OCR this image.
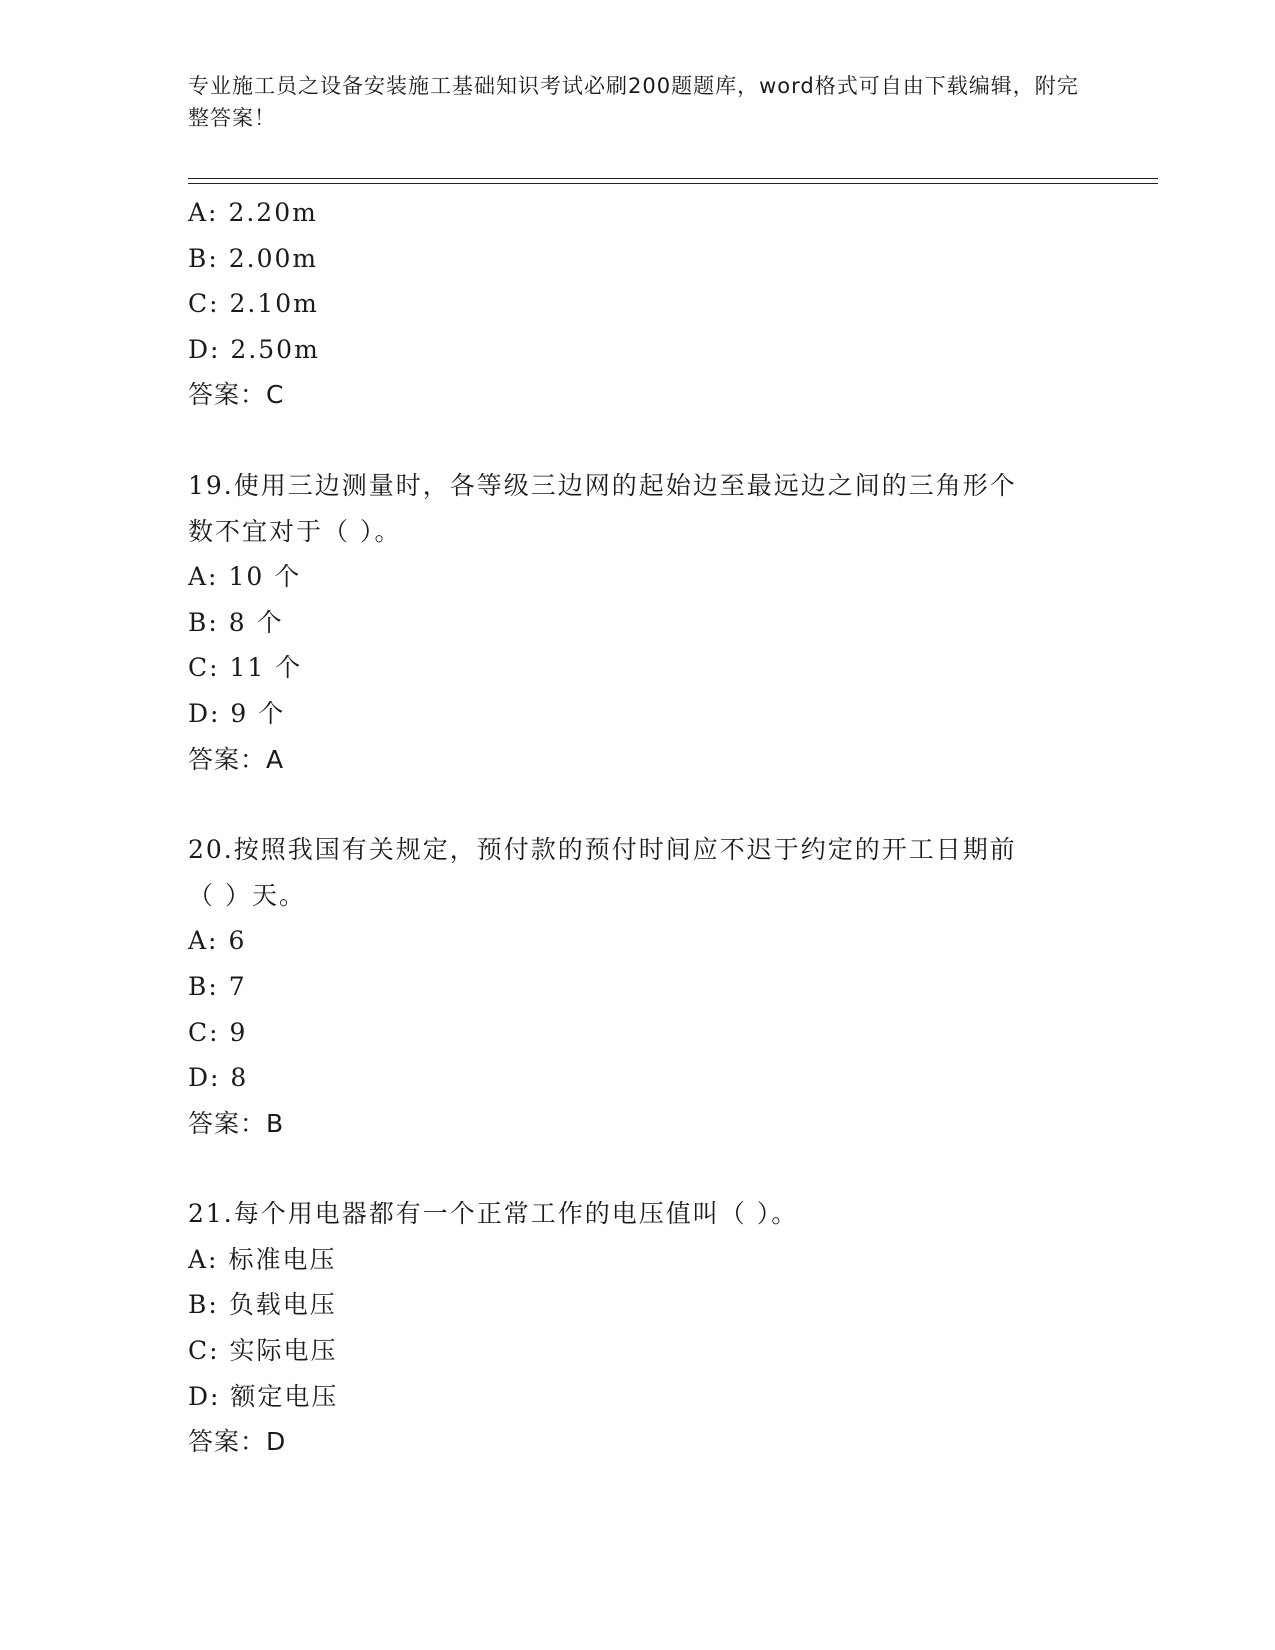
专业施工员之设备安装施工基础知识考试必刷200题题库，word格式可自由下载编辑，附完整答案！
A: 2.20m
B: 2.00m
C: 2.10m
D: 2.50m
答案：C
19.使用三边测量时，各等级三边网的起始边至最远边之间的三角形个
数不宜对于（ ）。
A: 10 个
B: 8 个
C: 11 个
D: 9 个
答案：A
20.按照我国有关规定，预付款的预付时间应不迟于约定的开工日期前
（ ）天。
A: 6
B: 7
C: 9
D: 8
答案：B
21.每个用电器都有一个正常工作的电压值叫（ ）。
A: 标准电压
B: 负载电压
C: 实际电压
D: 额定电压
答案：D
